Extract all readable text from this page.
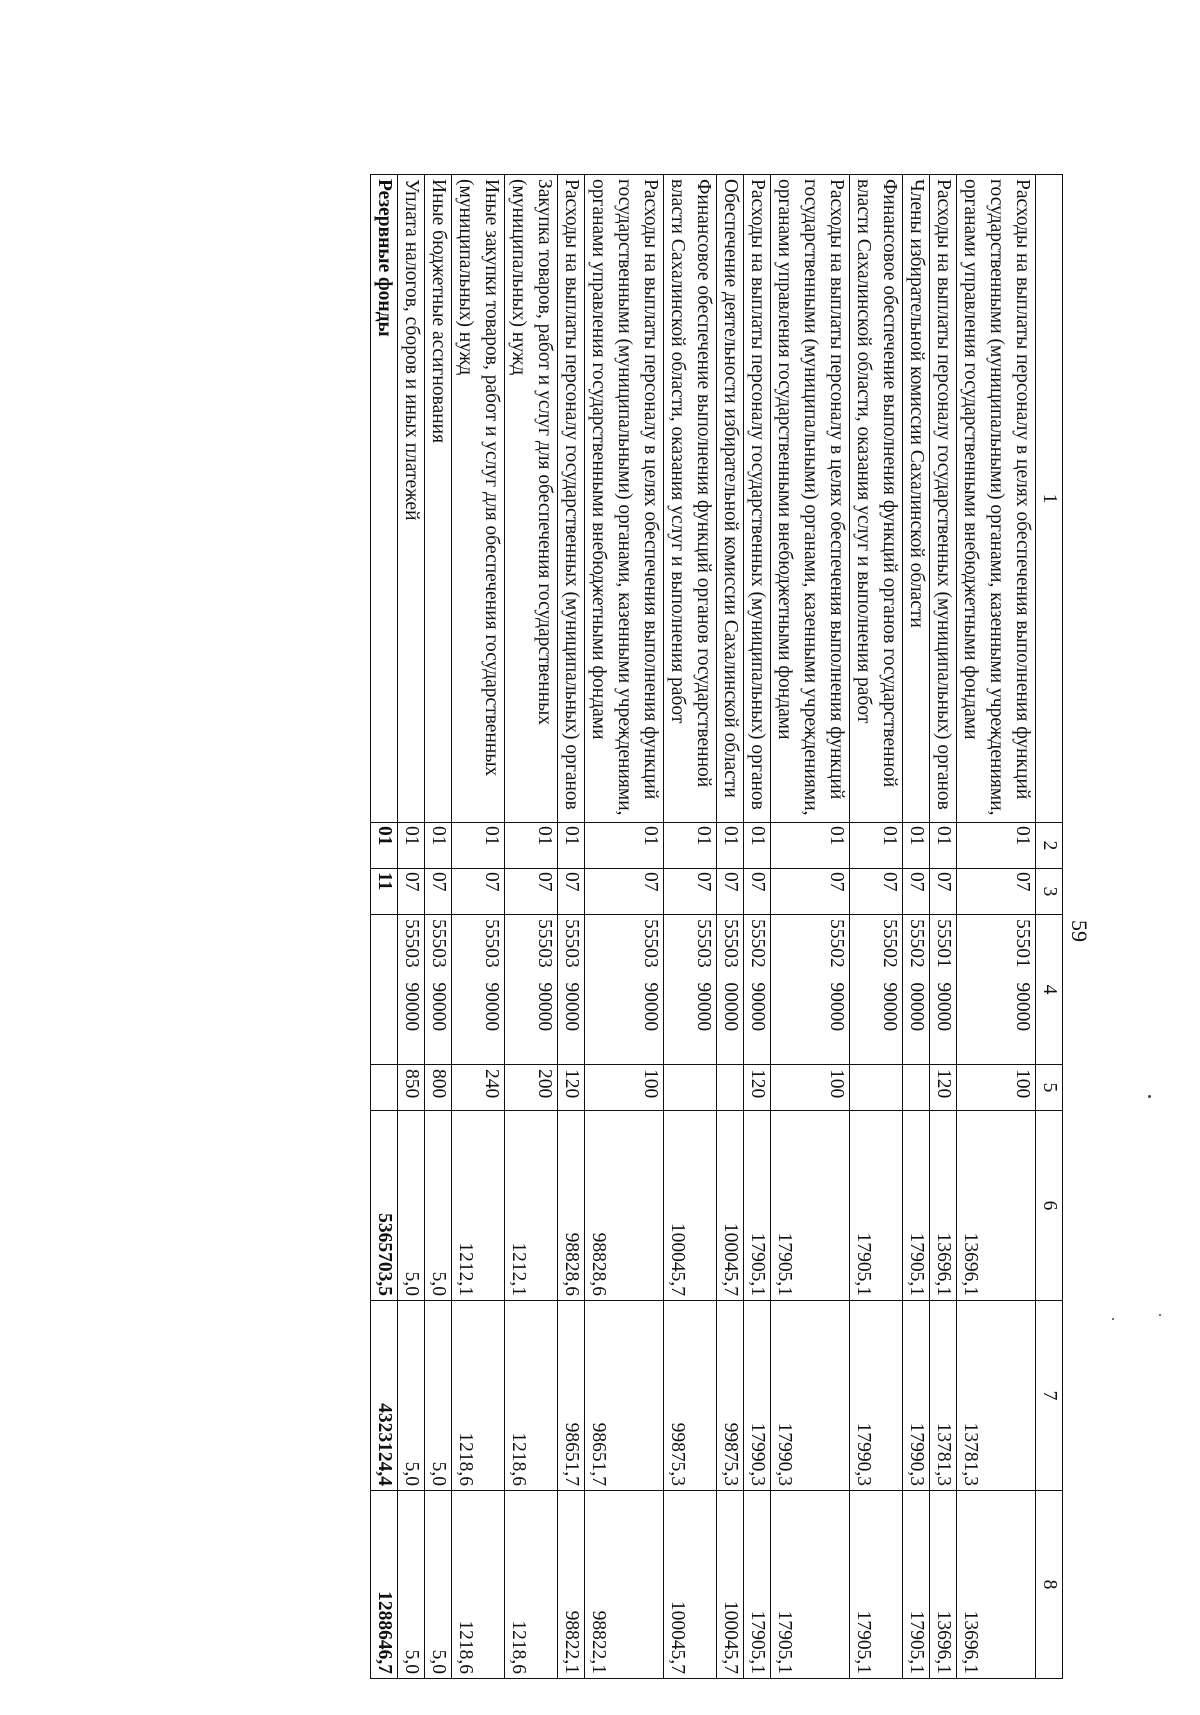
59
1	2	3	4	5	6	7	8
Расходы на выплаты персоналу в целях обеспечения выполнения функций государственными (муниципальными) органами, казенными учреждениями, органами управления государственными внебюджетными фондами	01	07	55501   90000	100	13696,1	13781,3	13696,1
Расходы на выплаты персоналу государственных (муниципальных) органов	01	07	55501   90000	120	13696,1	13781,3	13696,1
Члены избирательной комиссии Сахалинской области	01	07	55502   00000		17905,1	17990,3	17905,1
Финансовое обеспечение выполнения функций органов государственной власти Сахалинской области, оказания услуг и выполнения работ	01	07	55502   90000		17905,1	17990,3	17905,1
Расходы на выплаты персоналу в целях обеспечения выполнения функций государственными (муниципальными) органами, казенными учреждениями, органами управления государственными внебюджетными фондами	01	07	55502   90000	100	17905,1	17990,3	17905,1
Расходы на выплаты персоналу государственных (муниципальных) органов	01	07	55502   90000	120	17905,1	17990,3	17905,1
Обеспечение деятельности избирательной комиссии Сахалинской области	01	07	55503   00000		100045,7	99875,3	100045,7
Финансовое обеспечение выполнения функций органов государственной власти Сахалинской области, оказания услуг и выполнения работ	01	07	55503   90000		100045,7	99875,3	100045,7
Расходы на выплаты персоналу в целях обеспечения выполнения функций государственными (муниципальными) органами, казенными учреждениями, органами управления государственными внебюджетными фондами	01	07	55503   90000	100	98828,6	98651,7	98822,1
Расходы на выплаты персоналу государственных (муниципальных) органов	01	07	55503   90000	120	98828,6	98651,7	98822,1
Закупка товаров, работ и услуг для обеспечения государственных (муниципальных) нужд	01	07	55503   90000	200	1212,1	1218,6	1218,6
Иные закупки товаров, работ и услуг для обеспечения государственных (муниципальных) нужд	01	07	55503   90000	240	1212,1	1218,6	1218,6
Иные бюджетные ассигнования	01	07	55503   90000	800	5,0	5,0	5,0
Уплата налогов, сборов и иных платежей	01	07	55503   90000	850	5,0	5,0	5,0
Резервные фонды	01	11			5365703,5	4323124,4	1288646,7
